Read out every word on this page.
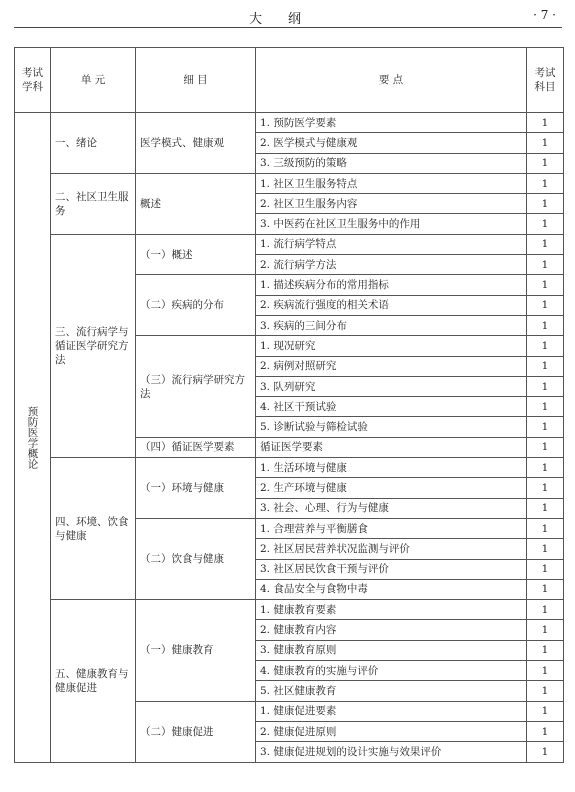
大纲	· 7 ·
考试学科	单 元	细 目	要 点	考试科目
预防医学概论	一、绪论	医学模式、健康观	1. 预防医学要素	1
			2. 医学模式与健康观	1
			3. 三级预防的策略	1
	二、社区卫生服务	概述	1. 社区卫生服务特点	1
			2. 社区卫生服务内容	1
			3. 中医药在社区卫生服务中的作用	1
	三、流行病学与循证医学研究方法	（一）概述	1. 流行病学特点	1
			2. 流行病学方法	1
		（二）疾病的分布	1. 描述疾病分布的常用指标	1
			2. 疾病流行强度的相关术语	1
			3. 疾病的三间分布	1
		（三）流行病学研究方法	1. 现况研究	1
			2. 病例对照研究	1
			3. 队列研究	1
			4. 社区干预试验	1
			5. 诊断试验与筛检试验	1
		（四）循证医学要素	循证医学要素	1
	四、环境、饮食与健康	（一）环境与健康	1. 生活环境与健康	1
			2. 生产环境与健康	1
			3. 社会、心理、行为与健康	1
		（二）饮食与健康	1. 合理营养与平衡膳食	1
			2. 社区居民营养状况监测与评价	1
			3. 社区居民饮食干预与评价	1
			4. 食品安全与食物中毒	1
	五、健康教育与健康促进	（一）健康教育	1. 健康教育要素	1
			2. 健康教育内容	1
			3. 健康教育原则	1
			4. 健康教育的实施与评价	1
			5. 社区健康教育	1
		（二）健康促进	1. 健康促进要素	1
			2. 健康促进原则	1
			3. 健康促进规划的设计实施与效果评价	1
